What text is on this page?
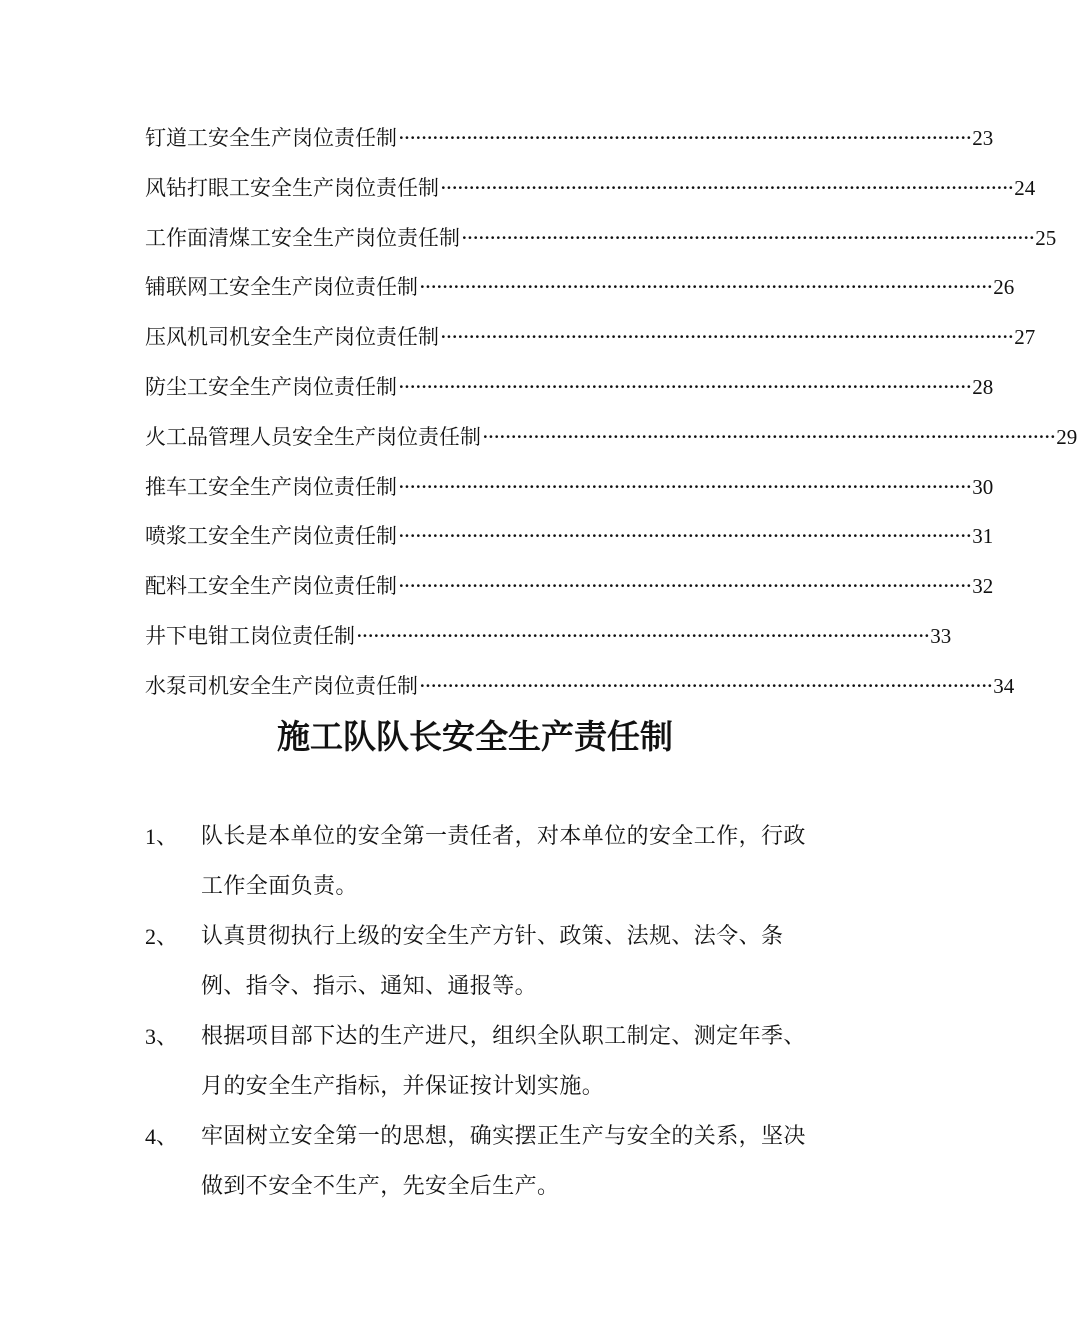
钉道工安全生产岗位责任制 ····································································································· 23
风钻打眼工安全生产岗位责任制 ····································································································· 24
工作面清煤工安全生产岗位责任制 ····································································································· 25
铺联网工安全生产岗位责任制 ····································································································· 26
压风机司机安全生产岗位责任制 ····································································································· 27
防尘工安全生产岗位责任制 ····································································································· 28
火工品管理人员安全生产岗位责任制 ····································································································· 29
推车工安全生产岗位责任制 ····································································································· 30
喷浆工安全生产岗位责任制 ····································································································· 31
配料工安全生产岗位责任制 ····································································································· 32
井下电钳工岗位责任制 ····································································································· 33
水泵司机安全生产岗位责任制 ····································································································· 34
施工队队长安全生产责任制
1、	队长是本单位的安全第一责任者，对本单位的安全工作，行政工作全面负责。
2、	认真贯彻执行上级的安全生产方针、政策、法规、法令、条例、指令、指示、通知、通报等。
3、	根据项目部下达的生产进尺，组织全队职工制定、测定年季、月的安全生产指标，并保证按计划实施。
4、	牢固树立安全第一的思想，确实摆正生产与安全的关系，坚决做到不安全不生产，先安全后生产。
